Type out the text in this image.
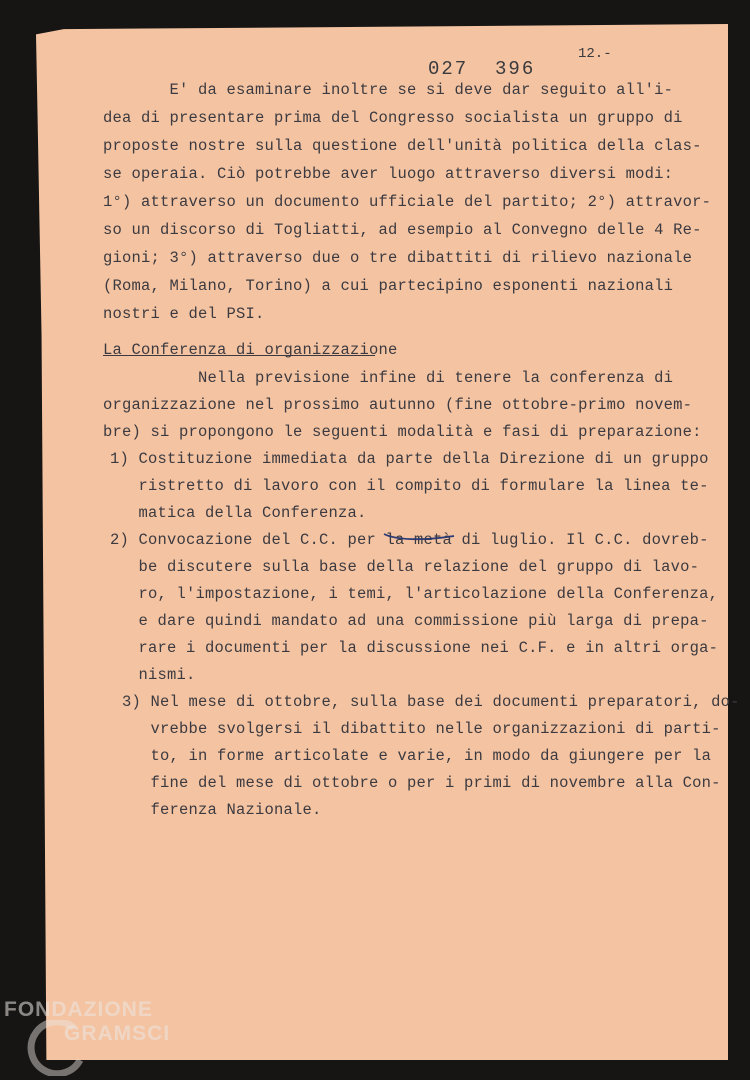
027  396
12.-
E' da esaminare inoltre se si deve dar seguito all'i-
dea di presentare prima del Congresso socialista un gruppo di
proposte nostre sulla questione dell'unità politica della clas-
se operaia. Ciò potrebbe aver luogo attraverso diversi modi:
1°) attraverso un documento ufficiale del partito; 2°) attravor-
so un discorso di Togliatti, ad esempio al Convegno delle 4 Re-
gioni; 3°) attraverso due o tre dibattiti di rilievo nazionale
(Roma, Milano, Torino) a cui partecipino esponenti nazionali
nostri e del PSI.
La Conferenza di organizzazione
Nella previsione infine di tenere la conferenza di
organizzazione nel prossimo autunno (fine ottobre-primo novem-
bre) si propongono le seguenti modalità e fasi di preparazione:
1) Costituzione immediata da parte della Direzione di un gruppo
ristretto di lavoro con il compito di formulare la linea te-
matica della Conferenza.
2) Convocazione del C.C. per la metà di luglio. Il C.C. dovreb-
be discutere sulla base della relazione del gruppo di lavo-
ro, l'impostazione, i temi, l'articolazione della Conferenza,
e dare quindi mandato ad una commissione più larga di prepa-
rare i documenti per la discussione nei C.F. e in altri orga-
nismi.
3) Nel mese di ottobre, sulla base dei documenti preparatori, do-
vrebbe svolgersi il dibattito nelle organizzazioni di parti-
to, in forme articolate e varie, in modo da giungere per la
fine del mese di ottobre o per i primi di novembre alla Con-
ferenza Nazionale.
FONDAZIONE
GRAMSCI
